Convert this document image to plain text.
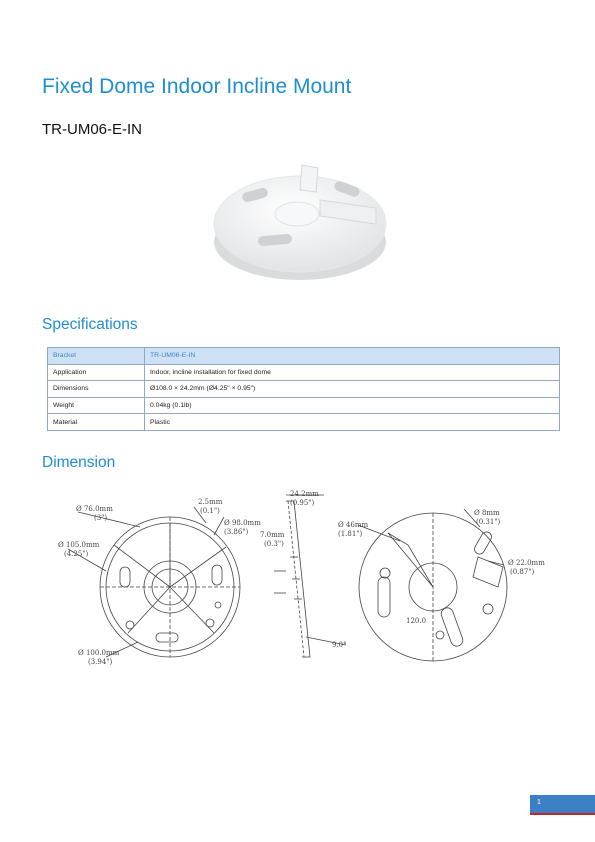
Fixed Dome Indoor Incline Mount

TR-UM06-E-IN

Specifications
Bracket	TR-UM06-E-IN
Application	Indoor, incline installation for fixed dome
Dimensions	Ø108.0 × 24.2mm (Ø4.25" × 0.95")
Weight	0.04kg (0.1lb)
Material	Plastic
Dimension
Ø 76.0mm
(3")
Ø 105.0mm
(4.25")
Ø 100.0mm
(3.94")
2.5mm
(0.1")
Ø 98.0mm
(3.86")
24.2mm
(0.95")
7.0mm
(0.3")
9.0°
Ø 46mm
(1.81")
Ø 8mm
(0.31")
Ø 22.0mm
(0.87")
120.0
1
